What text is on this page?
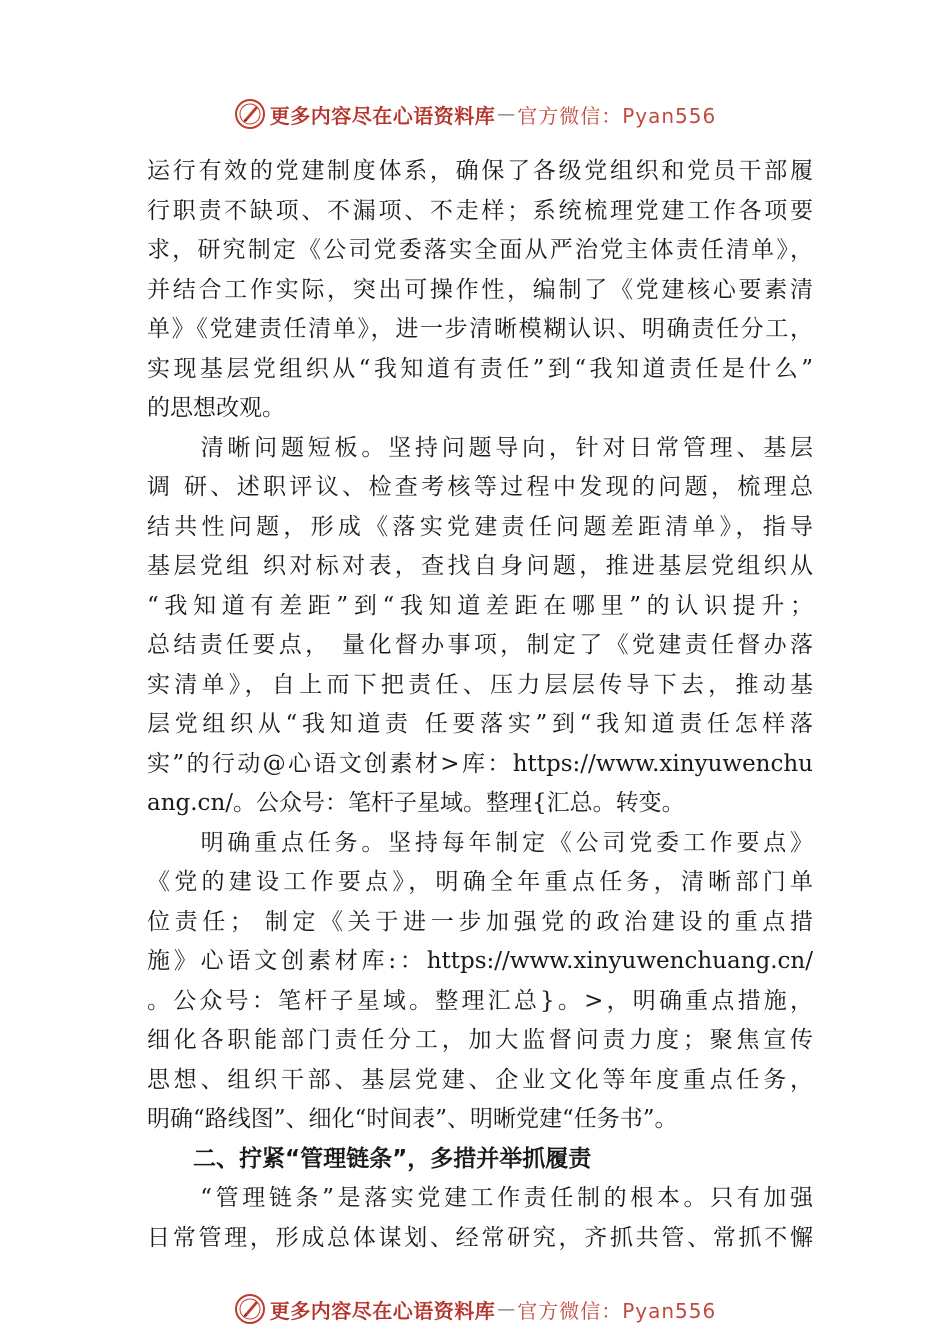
更多内容尽在心语资料库 — 官方微信：Pyan556
运行有效的党建制度体系，确保了各级党组织和党员干部履
行职责不缺项、不漏项、不走样；系统梳理党建工作各项要
求，研究制定《公司党委落实全面从严治党主体责任清单》，
并结合工作实际，突出可操作性，编制了《党建核心要素清
单》《党建责任清单》，进一步清晰模糊认识、明确责任分工，
实现基层党组织从“我知道有责任”到“我知道责任是什么”
的思想改观。
　　清晰问题短板。坚持问题导向，针对日常管理、基层
调 研、述职评议、检查考核等过程中发现的问题，梳理总
结共性问题，形成《落实党建责任问题差距清单》，指导
基层党组 织对标对表，查找自身问题，推进基层党组织从
“我知道有差距”到“我知道差距在哪里”的认识提升；
总结责任要点， 量化督办事项，制定了《党建责任督办落
实清单》，自上而下把责任、压力层层传导下去，推动基
层党组织从“我知道责 任要落实”到“我知道责任怎样落
实”的行动@心语文创素材>库：https://www.xinyuwenchu
ang.cn/。公众号：笔杆子星域。整理{汇总。转变。
　　明确重点任务。坚持每年制定《公司党委工作要点》
《党的建设工作要点》，明确全年重点任务，清晰部门单
位责任； 制定《关于进一步加强党的政治建设的重点措
施》心语文创素材库:：https://www.xinyuwenchuang.cn/
。公众号：笔杆子星域。整理汇总}。>，明确重点措施，
细化各职能部门责任分工，加大监督问责力度；聚焦宣传
思想、组织干部、基层党建、企业文化等年度重点任务，
明确“路线图”、细化“时间表”、明晰党建“任务书”。
二、拧紧“管理链条”，多措并举抓履责
　　“管理链条”是落实党建工作责任制的根本。只有加强
日常管理，形成总体谋划、经常研究，齐抓共管、常抓不懈
更多内容尽在心语资料库 — 官方微信：Pyan556
